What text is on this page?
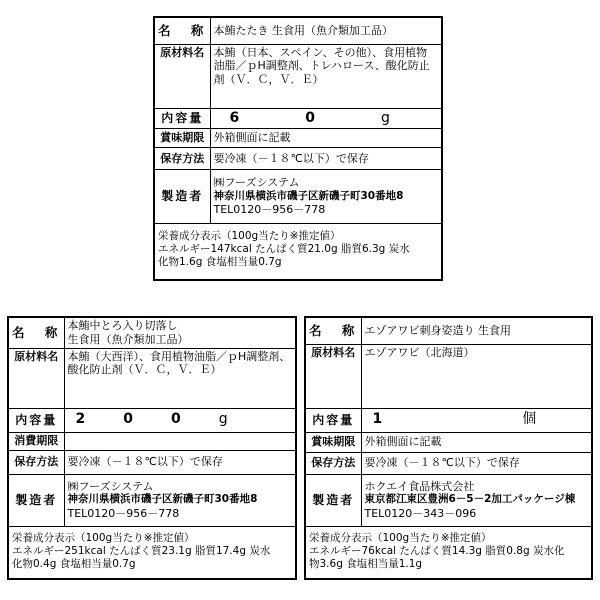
名 称	本鮪たたき 生食用（魚介類加工品）
原材料名	本鮪（日本、スペイン、その他）、食用植物油脂／ｐH調整剤、トレハロース、酸化防止剤（Ｖ．Ｃ，Ｖ．Ｅ）
内容量	6 0 g

賞味期限	外箱側面に記載
保存方法	要冷凍（－１８℃以下）で保存
製造者	㈱フーズシステム
神奈川県横浜市磯子区新磯子町30番地8
TEL0120－956－778

栄養成分表示（100g当たり※推定値）
エネルギー147kcal たんぱく質21.0g 脂質6.3g 炭水
化物1.6g 食塩相当量0.7g	
名 称	本鮪中とろ入り切落し
生食用（魚介類加工品）

原材料名	本鮪（大西洋）、食用植物油脂／ｐH調整剤、酸化防止剤（Ｖ．Ｃ，Ｖ．Ｅ）
内容量	2 0 0 g

消費期限	
保存方法	要冷凍（－１８℃以下）で保存
製造者	㈱フーズシステム
神奈川県横浜市磯子区新磯子町30番地8
TEL0120－956－778

栄養成分表示（100g当たり※推定値）
エネルギー251kcal たんぱく質23.1g 脂質17.4g 炭水
化物0.4g 食塩相当量0.7g	
名 称	エゾアワビ刺身姿造り 生食用
原材料名	エゾアワビ（北海道）
内容量	1 個

賞味期限	外箱側面に記載
保存方法	要冷凍（－１８℃以下）で保存
製造者	ホクエイ食品株式会社
東京都江東区豊洲6－5－2加工パッケージ棟
TEL0120－343－096

栄養成分表示（100g当たり※推定値）
エネルギー76kcal たんぱく質14.3g 脂質0.8g 炭水化
物3.6g 食塩相当量1.1g	
